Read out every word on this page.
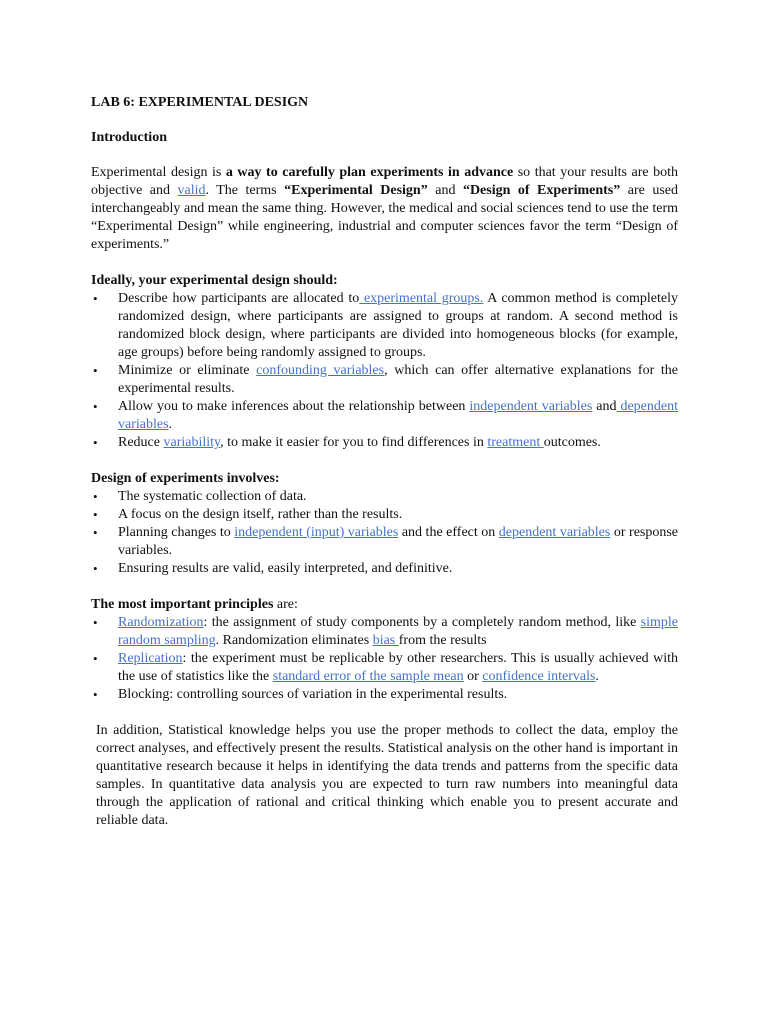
LAB 6: EXPERIMENTAL DESIGN
Introduction

Experimental design is a way to carefully plan experiments in advance so that your results are both objective and valid. The terms “Experimental Design” and “Design of Experiments” are used interchangeably and mean the same thing. However, the medical and social sciences tend to use the term “Experimental Design” while engineering, industrial and computer sciences favor the term “Design of experiments.”

Ideally, your experimental design should:
• Describe how participants are allocated to experimental groups. A common method is completely randomized design, where participants are assigned to groups at random. A second method is randomized block design, where participants are divided into homogeneous blocks (for example, age groups) before being randomly assigned to groups.
• Minimize or eliminate confounding variables, which can offer alternative explanations for the experimental results.
• Allow you to make inferences about the relationship between independent variables and dependent variables.
• Reduce variability, to make it easier for you to find differences in treatment outcomes.
Design of experiments involves:
• The systematic collection of data.
• A focus on the design itself, rather than the results.
• Planning changes to independent (input) variables and the effect on dependent variables or response variables.
• Ensuring results are valid, easily interpreted, and definitive.

The most important principles are:

• Randomization: the assignment of study components by a completely random method, like simple random sampling. Randomization eliminates bias from the results
• Replication: the experiment must be replicable by other researchers. This is usually achieved with the use of statistics like the standard error of the sample mean or confidence intervals.
• Blocking: controlling sources of variation in the experimental results.

In addition, Statistical knowledge helps you use the proper methods to collect the data, employ the correct analyses, and effectively present the results. Statistical analysis on the other hand is important in quantitative research because it helps in identifying the data trends and patterns from the specific data samples. In quantitative data analysis you are expected to turn raw numbers into meaningful data through the application of rational and critical thinking which enable you to present accurate and reliable data.
